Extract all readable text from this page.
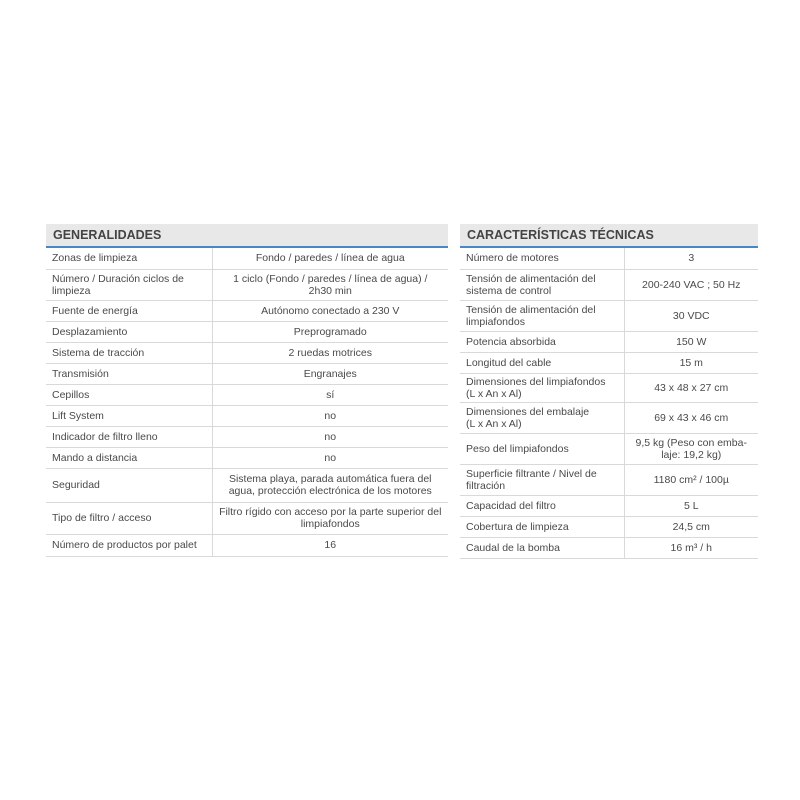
GENERALIDADES
Zonas de limpieza	Fondo / paredes / línea de agua
Número / Duración ciclos de
limpieza	1 ciclo (Fondo / paredes / línea de agua) /
2h30 min
Fuente de energía	Autónomo conectado a 230 V
Desplazamiento	Preprogramado
Sistema de tracción	2 ruedas motrices
Transmisión	Engranajes
Cepillos	sí
Lift System	no
Indicador de filtro lleno	no
Mando a distancia	no
Seguridad	Sistema playa, parada automática fuera del
agua, protección electrónica de los motores
Tipo de filtro / acceso	Filtro rígido con acceso por la parte superior del
limpiafondos
Número de productos por palet	16
CARACTERÍSTICAS TÉCNICAS
Número de motores	3
Tensión de alimentación del
sistema de control	200-240 VAC ; 50 Hz
Tensión de alimentación del
limpiafondos	30 VDC
Potencia absorbida	150 W
Longitud del cable	15 m
Dimensiones del limpiafondos
(L x An x Al)	43 x 48 x 27 cm
Dimensiones del embalaje
(L x An x Al)	69 x 43 x 46 cm
Peso del limpiafondos	9,5 kg (Peso con emba-
laje: 19,2 kg)
Superficie filtrante / Nivel de
filtración	1180 cm² / 100µ
Capacidad del filtro	5 L
Cobertura de limpieza	24,5 cm
Caudal de la bomba	16 m³ / h
